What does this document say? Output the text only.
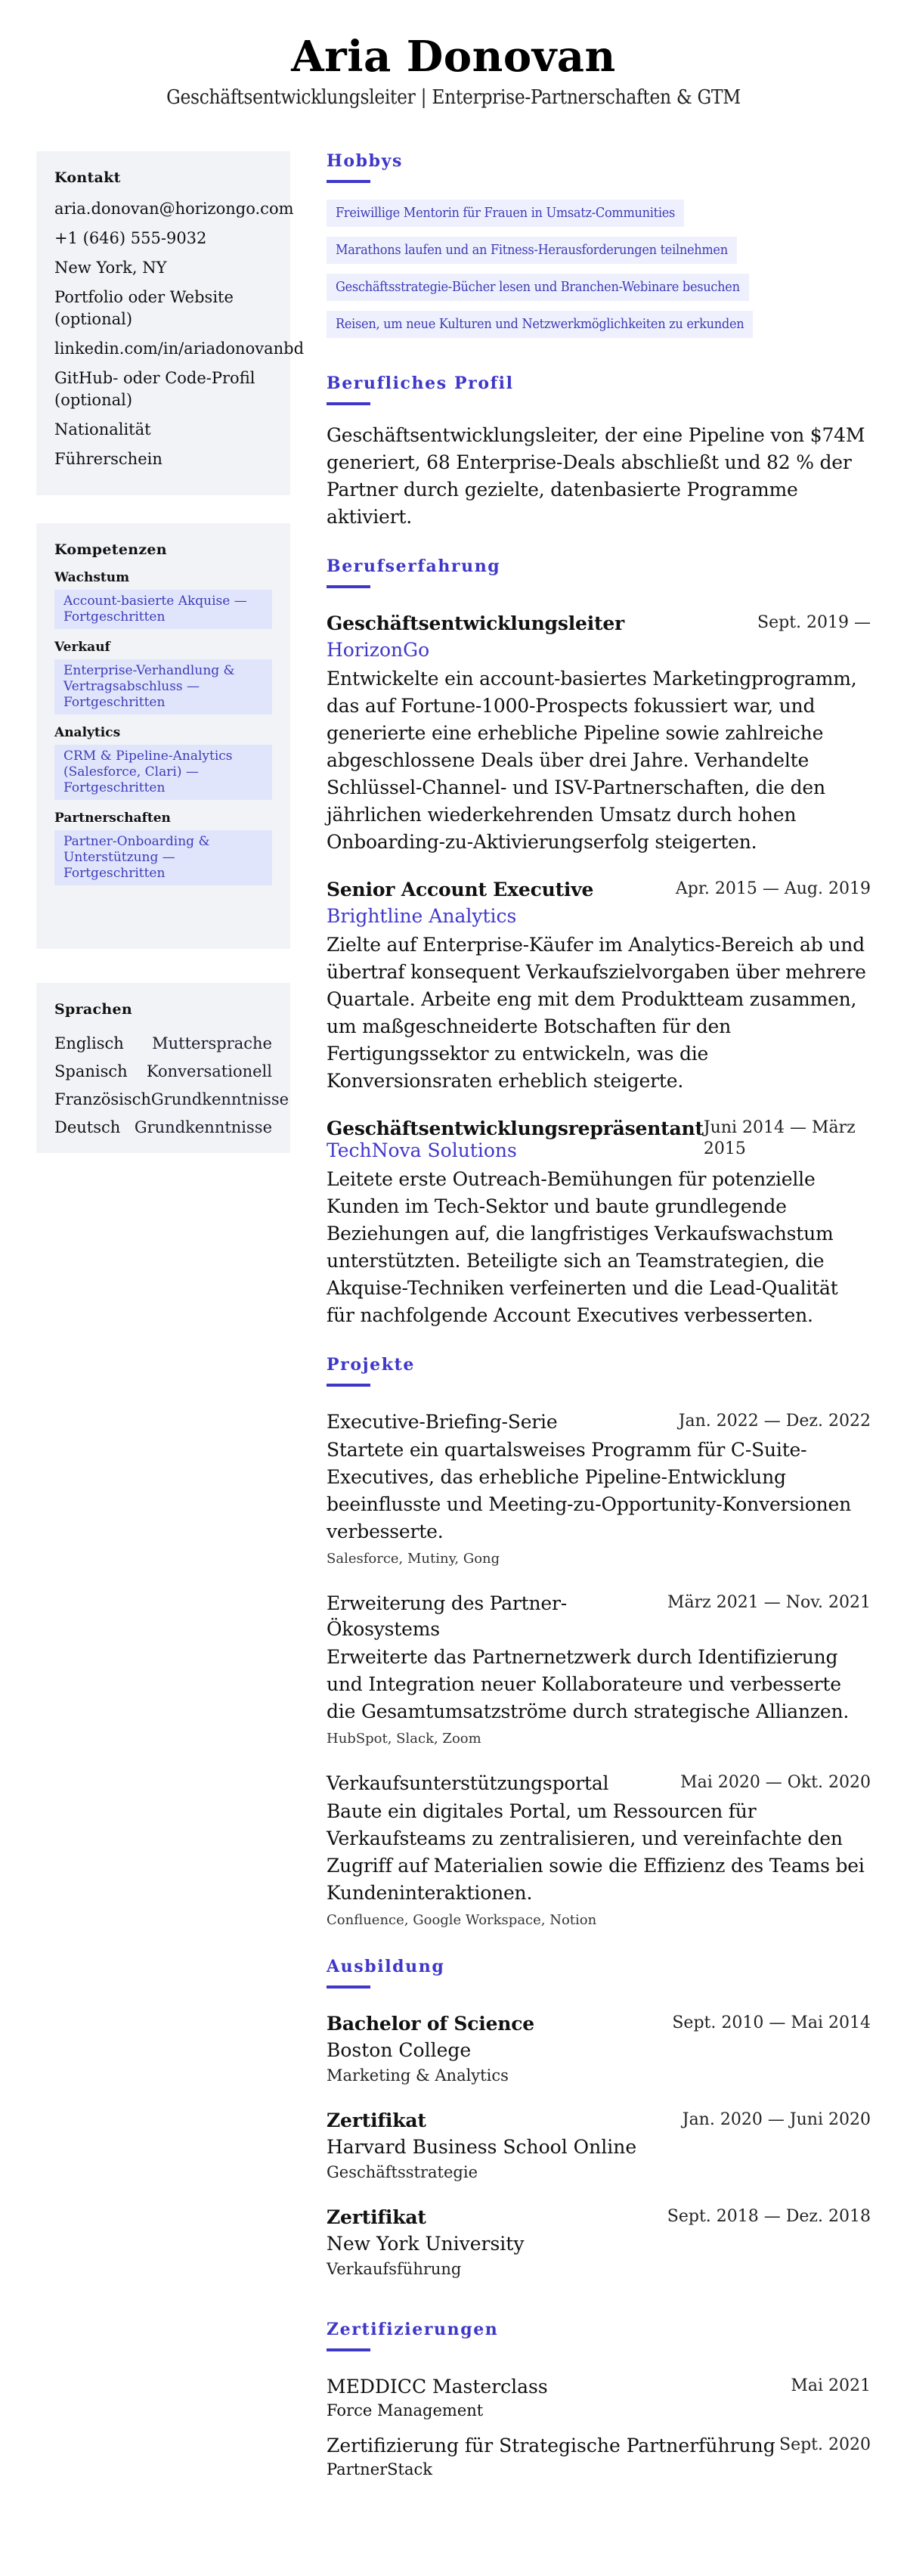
Aria Donovan
Geschäftsentwicklungsleiter | Enterprise-Partnerschaften & GTM
Kontakt
aria.donovan@horizongo.com
+1 (646) 555-9032
New York, NY
Portfolio oder Website (optional)
linkedin.com/in/ariadonovanbd
GitHub- oder Code-Profil (optional)
Nationalität
Führerschein
Kompetenzen
Wachstum
Account-basierte Akquise — Fortgeschritten
Verkauf
Enterprise-Verhandlung & Vertragsabschluss — Fortgeschritten
Analytics
CRM & Pipeline-Analytics (Salesforce, Clari) — Fortgeschritten
Partnerschaften
Partner-Onboarding & Unterstützung — Fortgeschritten
Sprachen
Englisch	Muttersprache
Spanisch	Konversationell
Französisch Grundkenntnisse
Deutsch Grundkenntnisse
Hobbys
Freiwillige Mentorin für Frauen in Umsatz-Communities
Marathons laufen und an Fitness-Herausforderungen teilnehmen
Geschäftsstrategie-Bücher lesen und Branchen-Webinare besuchen
Reisen, um neue Kulturen und Netzwerkmöglichkeiten zu erkunden
Berufliches Profil

Geschäftsentwicklungsleiter, der eine Pipeline von $74M generiert, 68 Enterprise-Deals abschließt und 82 % der Partner durch gezielte, datenbasierte Programme aktiviert.

Berufserfahrung
Geschäftsentwicklungsleiter	Sept. 2019 —
HorizonGo

Entwickelte ein account-basiertes Marketingprogramm, das auf Fortune-1000-Prospects fokussiert war, und generierte eine erhebliche Pipeline sowie zahlreiche abgeschlossene Deals über drei Jahre. Verhandelte Schlüssel-Channel- und ISV-Partnerschaften, die den jährlichen wiederkehrenden Umsatz durch hohen Onboarding-zu-Aktivierungserfolg steigerten.

Senior Account Executive	Apr. 2015 — Aug. 2019
Brightline Analytics

Zielte auf Enterprise-Käufer im Analytics-Bereich ab und übertraf konsequent Verkaufszielvorgaben über mehrere Quartale. Arbeite eng mit dem Produktteam zusammen, um maßgeschneiderte Botschaften für den Fertigungssektor zu entwickeln, was die Konversionsraten erheblich steigerte.

Geschäftsentwicklungsrepräsentant Juni 2014 — März 2015
TechNova Solutions

Leitete erste Outreach-Bemühungen für potenzielle Kunden im Tech-Sektor und baute grundlegende Beziehungen auf, die langfristiges Verkaufswachstum unterstützten. Beteiligte sich an Teamstrategien, die Akquise-Techniken verfeinerten und die Lead-Qualität für nachfolgende Account Executives verbesserten.

Projekte
Executive-Briefing-Serie	Jan. 2022 — Dez. 2022

Startete ein quartalsweises Programm für C-Suite-Executives, das erhebliche Pipeline-Entwicklung beeinflusste und Meeting-zu-Opportunity-Konversionen verbesserte.

Salesforce, Mutiny, Gong
Erweiterung des Partner-Ökosystems
März 2021 — Nov. 2021

Erweiterte das Partnernetzwerk durch Identifizierung und Integration neuer Kollaborateure und verbesserte die Gesamtumsatzströme durch strategische Allianzen.

HubSpot, Slack, Zoom
Verkaufsunterstützungsportal	Mai 2020 — Okt. 2020

Baute ein digitales Portal, um Ressourcen für Verkaufsteams zu zentralisieren, und vereinfachte den Zugriff auf Materialien sowie die Effizienz des Teams bei Kundeninteraktionen.

Confluence, Google Workspace, Notion
Ausbildung
Bachelor of Science	Sept. 2010 — Mai 2014
Boston College
Marketing & Analytics
Zertifikat	Jan. 2020 — Juni 2020
Harvard Business School Online
Geschäftsstrategie
Zertifikat	Sept. 2018 — Dez. 2018
New York University
Verkaufsführung
Zertifizierungen
MEDDICC Masterclass	Mai 2021
Force Management
Zertifizierung für Strategische Partnerführung Sept. 2020
PartnerStack
